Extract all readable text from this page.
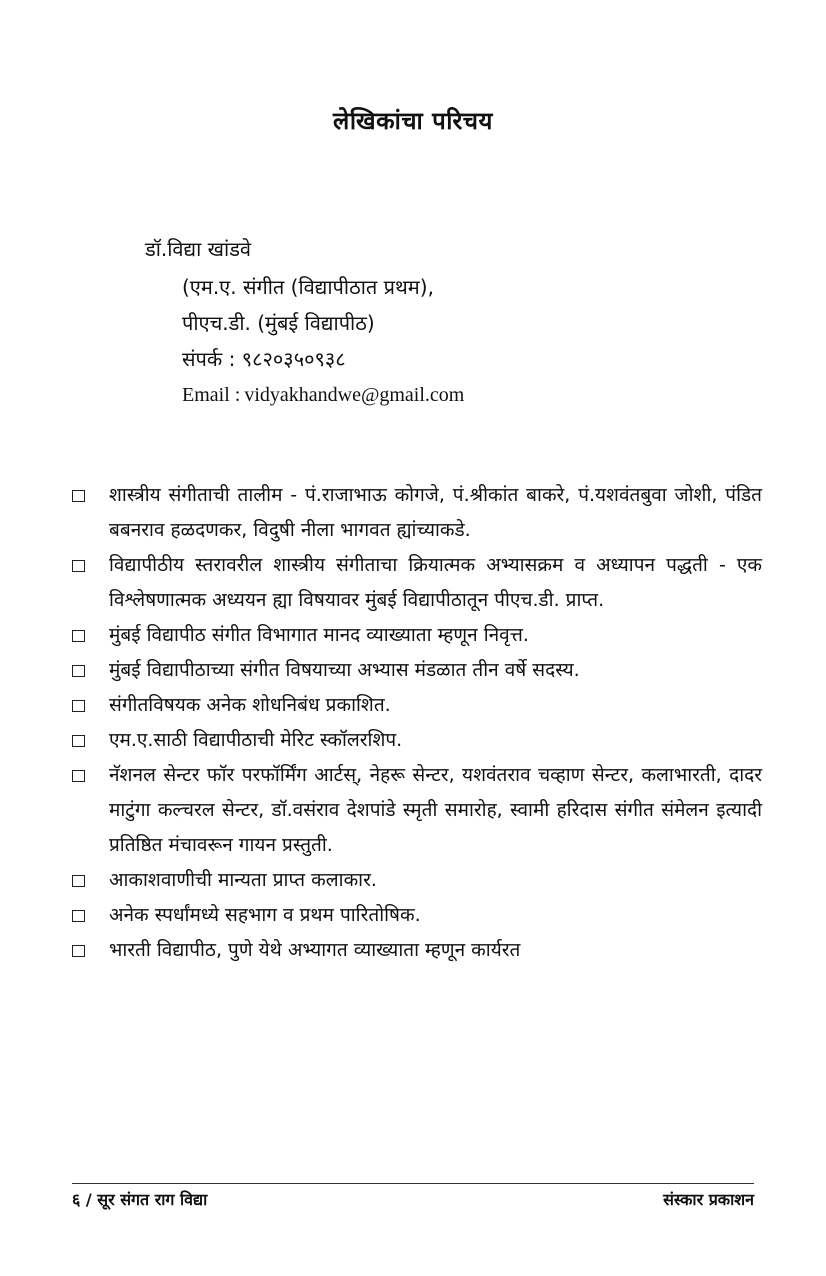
लेखिकांचा परिचय
डॉ.विद्या खांडवे
(एम.ए. संगीत (विद्यापीठात प्रथम),
पीएच.डी. (मुंबई विद्यापीठ)
संपर्क : ९८२०३५०९३८
Email : vidyakhandwe@gmail.com
शास्त्रीय संगीताची तालीम - पं.राजाभाऊ कोगजे, पं.श्रीकांत बाकरे, पं.यशवंतबुवा जोशी, पंडित बबनराव हळदणकर, विदुषी नीला भागवत ह्यांच्याकडे.
विद्यापीठीय स्तरावरील शास्त्रीय संगीताचा क्रियात्मक अभ्यासक्रम व अध्यापन पद्धती - एक विश्लेषणात्मक अध्ययन ह्या विषयावर मुंबई विद्यापीठातून पीएच.डी. प्राप्त.
मुंबई विद्यापीठ संगीत विभागात मानद व्याख्याता म्हणून निवृत्त.
मुंबई विद्यापीठाच्या संगीत विषयाच्या अभ्यास मंडळात तीन वर्षे सदस्य.
संगीतविषयक अनेक शोधनिबंध प्रकाशित.
एम.ए.साठी विद्यापीठाची मेरिट स्कॉलरशिप.
नॅशनल सेन्टर फॉर परफॉर्मिंग आर्टस्, नेहरू सेन्टर, यशवंतराव चव्हाण सेन्टर, कलाभारती, दादर माटुंगा कल्चरल सेन्टर, डॉ.वसंराव देशपांडे स्मृती समारोह, स्वामी हरिदास संगीत संमेलन इत्यादी प्रतिष्ठित मंचावरून गायन प्रस्तुती.
आकाशवाणीची मान्यता प्राप्त कलाकार.
अनेक स्पर्धांमध्ये सहभाग व प्रथम पारितोषिक.
भारती विद्यापीठ, पुणे येथे अभ्यागत व्याख्याता म्हणून कार्यरत
६ / सूर संगत राग विद्या	संस्कार प्रकाशन
